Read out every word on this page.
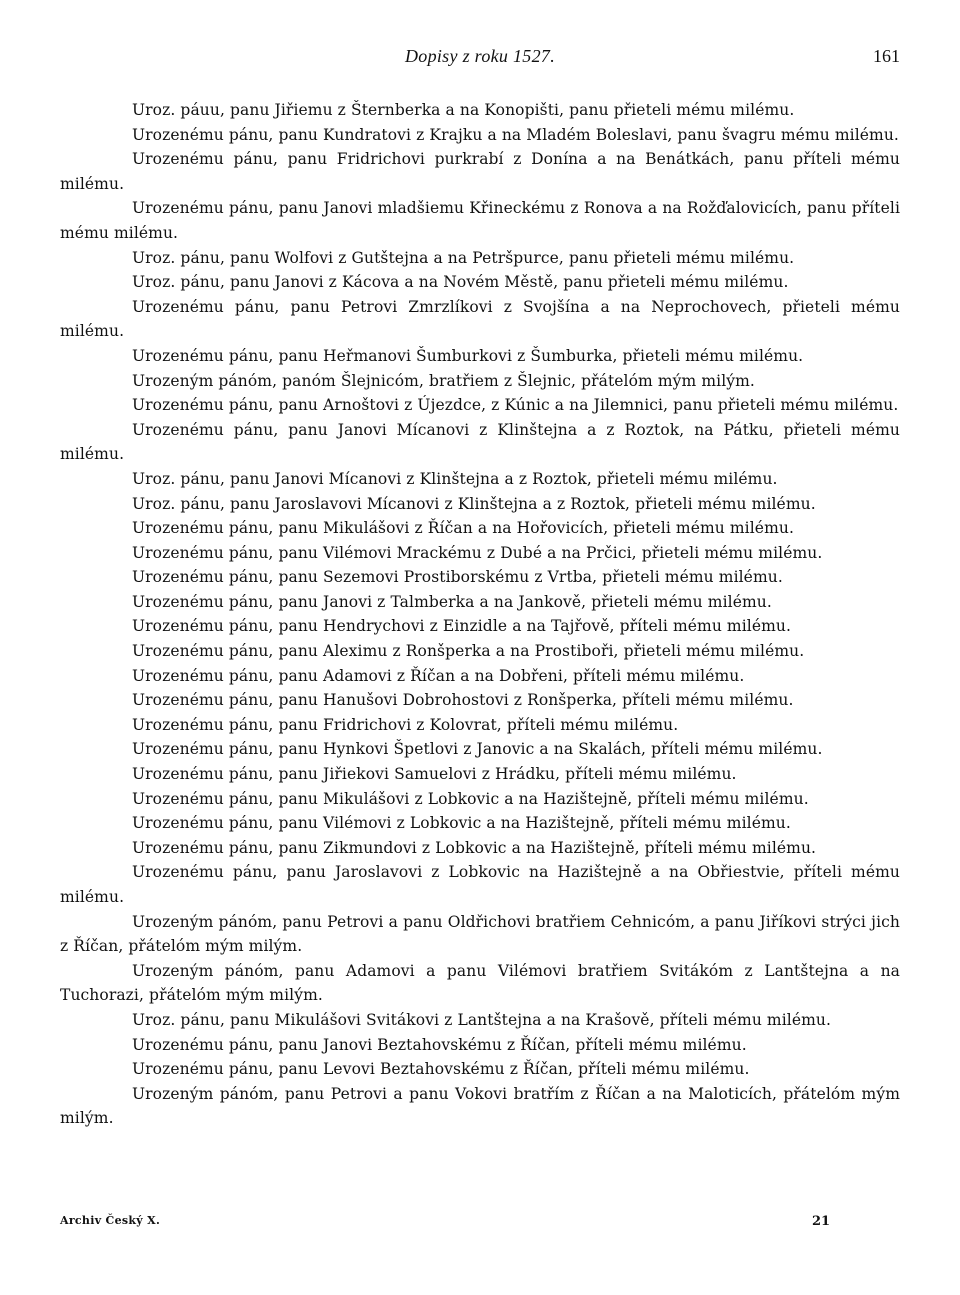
Dopisy z roku 1527.	161

Uroz. páuu, panu Jiřiemu z Šternberka a na Konopišti, panu přieteli mému milému.

Urozenému pánu, panu Kundratovi z Krajku a na Mladém Boleslavi, panu švagru mému milému.

Urozenému pánu, panu Fridrichovi purkrabí z Donína a na Benátkách, panu příteli mému milému.

Urozenému pánu, panu Janovi mladšiemu Křineckému z Ronova a na Rožďalovicích, panu příteli mému milému.

Uroz. pánu, panu Wolfovi z Gutštejna a na Petršpurce, panu přieteli mému milému.

Uroz. pánu, panu Janovi z Kácova a na Novém Městě, panu přieteli mému milému.

Urozenému pánu, panu Petrovi Zmrzlíkovi z Svojšína a na Neprochovech, přieteli mému milému.

Urozenému pánu, panu Heřmanovi Šumburkovi z Šumburka, přieteli mému milému.

Urozeným pánóm, panóm Šlejnicóm, bratřiem z Šlejnic, přátelóm mým milým.

Urozenému pánu, panu Arnoštovi z Újezdce, z Kúnic a na Jilemnici, panu přieteli mému milému.

Urozenému pánu, panu Janovi Mícanovi z Klinštejna a z Roztok, na Pátku, přieteli mému milému.

Uroz. pánu, panu Janovi Mícanovi z Klinštejna a z Roztok, přieteli mému milému.

Uroz. pánu, panu Jaroslavovi Mícanovi z Klinštejna a z Roztok, přieteli mému milému.

Urozenému pánu, panu Mikulášovi z Říčan a na Hořovicích, přieteli mému milému.

Urozenému pánu, panu Vilémovi Mrackému z Dubé a na Prčici, přieteli mému milému.

Urozenému pánu, panu Sezemovi Prostiborskému z Vrtba, přieteli mému milému.

Urozenému pánu, panu Janovi z Talmberka a na Jankově, přieteli mému milému.

Urozenému pánu, panu Hendrychovi z Einzidle a na Tajřově, příteli mému milému.

Urozenému pánu, panu Aleximu z Ronšperka a na Prostiboři, přieteli mému milému.

Urozenému pánu, panu Adamovi z Říčan a na Dobřeni, příteli mému milému.

Urozenému pánu, panu Hanušovi Dobrohostovi z Ronšperka, příteli mému milému.

Urozenému pánu, panu Fridrichovi z Kolovrat, příteli mému milému.

Urozenému pánu, panu Hynkovi Špetlovi z Janovic a na Skalách, příteli mému milému.

Urozenému pánu, panu Jiřiekovi Samuelovi z Hrádku, příteli mému milému.

Urozenému pánu, panu Mikulášovi z Lobkovic a na Hazištejně, příteli mému milému.

Urozenému pánu, panu Vilémovi z Lobkovic a na Hazištejně, příteli mému milému.

Urozenému pánu, panu Zikmundovi z Lobkovic a na Hazištejně, příteli mému milému.

Urozenému pánu, panu Jaroslavovi z Lobkovic na Hazištejně a na Obřiestvie, příteli mému milému.

Urozeným pánóm, panu Petrovi a panu Oldřichovi bratřiem Cehnicóm, a panu Jiříkovi strýci jich z Říčan, přátelóm mým milým.

Urozeným pánóm, panu Adamovi a panu Vilémovi bratřiem Svitákóm z Lantštejna a na Tuchorazi, přátelóm mým milým.

Uroz. pánu, panu Mikulášovi Svitákovi z Lantštejna a na Krašově, příteli mému milému.

Urozenému pánu, panu Janovi Beztahovskému z Říčan, příteli mému milému.

Urozenému pánu, panu Levovi Beztahovskému z Říčan, příteli mému milému.

Urozeným pánóm, panu Petrovi a panu Vokovi bratřím z Říčan a na Maloticích, přátelóm mým milým.

Archiv Český X.	21
